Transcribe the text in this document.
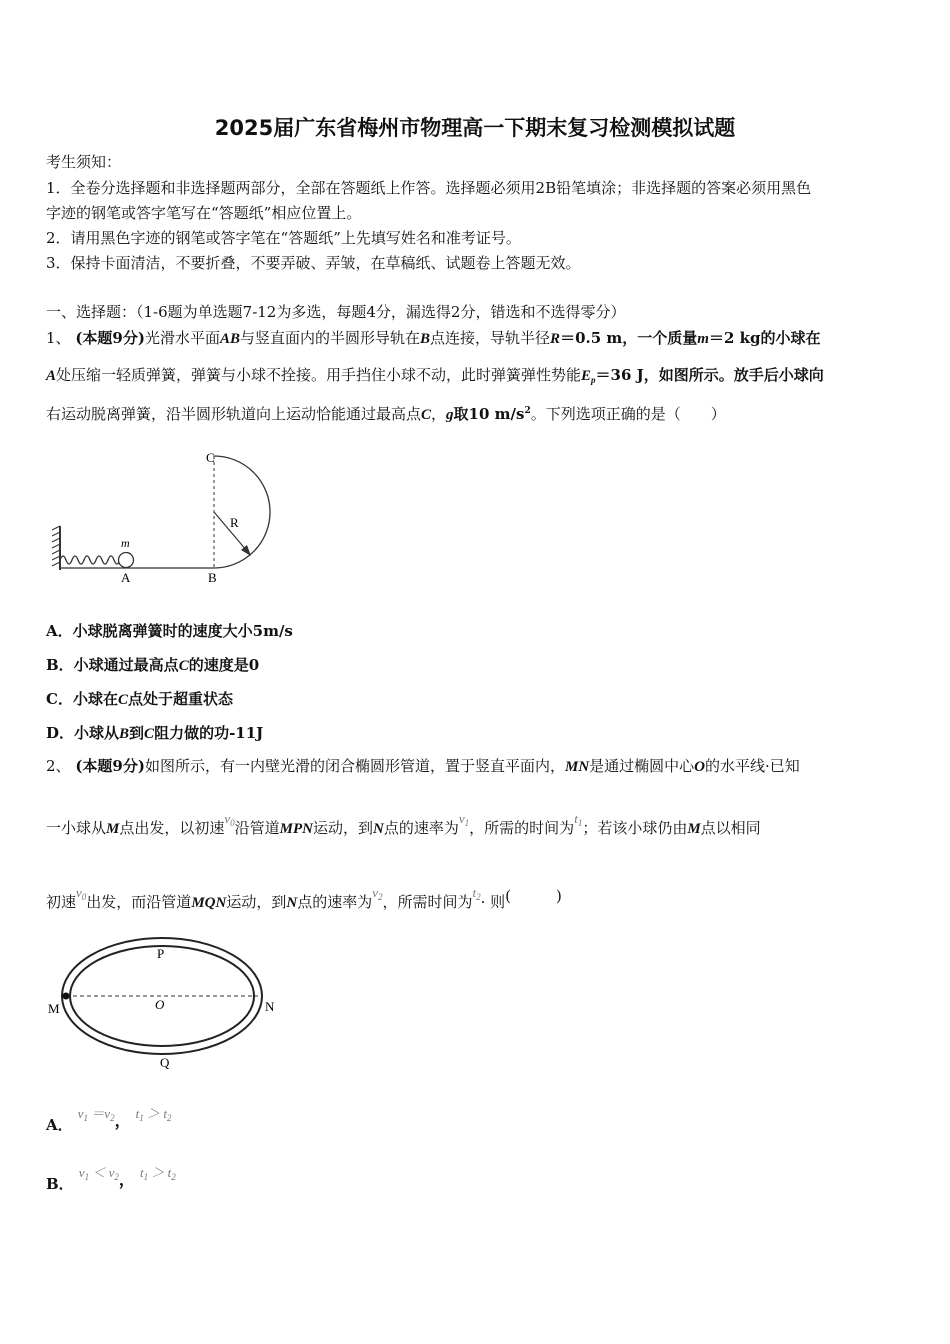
2025届广东省梅州市物理高一下期末复习检测模拟试题
考生须知：
1．全卷分选择题和非选择题两部分，全部在答题纸上作答。选择题必须用2B铅笔填涂；非选择题的答案必须用黑色
字迹的钢笔或答字笔写在“答题纸”相应位置上。
2．请用黑色字迹的钢笔或答字笔在“答题纸”上先填写姓名和准考证号。
3．保持卡面清洁，不要折叠，不要弄破、弄皱，在草稿纸、试题卷上答题无效。
一、选择题：（1-6题为单选题7-12为多选，每题4分，漏选得2分，错选和不选得零分）
1、 (本题9分)光滑水平面AB与竖直面内的半圆形导轨在B点连接，导轨半径R＝0.5 m，一个质量m＝2 kg的小球在
A处压缩一轻质弹簧，弹簧与小球不拴接。用手挡住小球不动，此时弹簧弹性势能$E_p=36$ J，如图所示。放手后小球向
右运动脱离弹簧，沿半圆形轨道向上运动恰能通过最高点C，g取10 $m/s^2$。下列选项正确的是（　　）
C
R
m
A	B
A．小球脱离弹簧时的速度大小5m/s
B．小球通过最高点C的速度是0
C．小球在C点处于超重状态
D．小球从B到C阻力做的功-11J
2、 (本题9分)如图所示，有一内壁光滑的闭合椭圆形管道，置于竖直平面内，MN是通过椭圆中心O的水平线·已知
一小球从M点出发，以初速$v_0$沿管道MPN运动，到N点的速率为$v_1$，所需的时间为$t_1$；若该小球仍由M点以相同
初速$v_0$出发，而沿管道MQN运动，到N点的速率为$v_2$，所需时间为$t_2\cdot$ 则(　　　)
P
M	O	N
Q
A． $v_1 =v_2$， $t_1 > t_2$
B． $v_1 < v_2$， $t_1 > t_2$
